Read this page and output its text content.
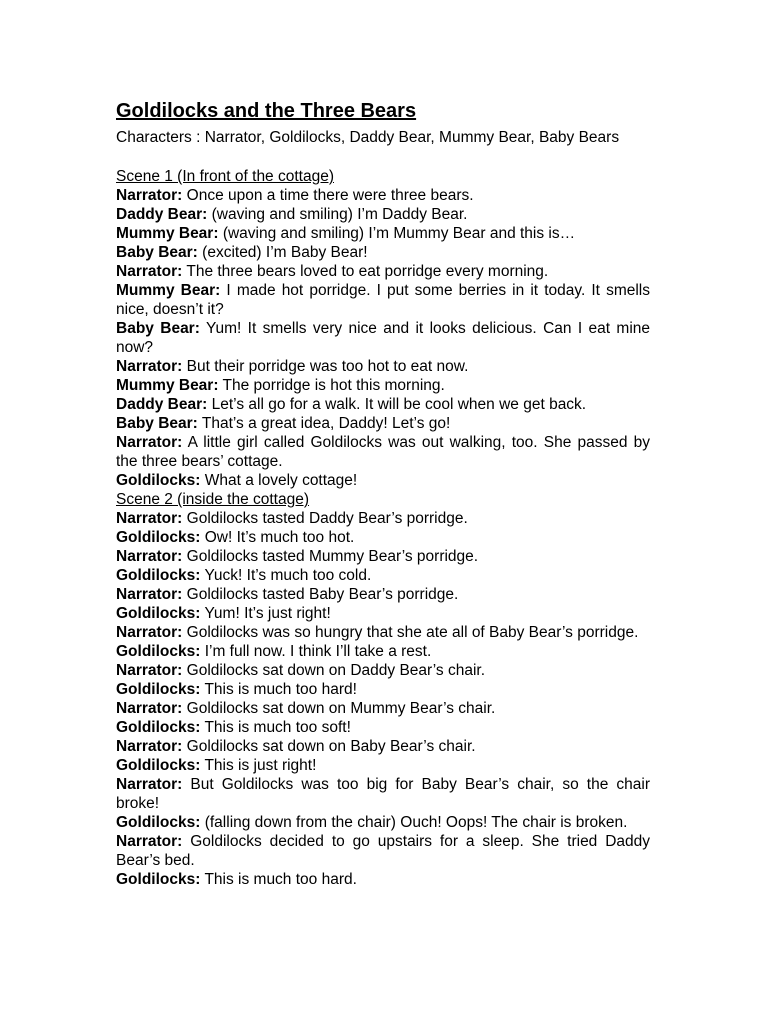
Goldilocks and the Three Bears
Characters : Narrator, Goldilocks, Daddy Bear, Mummy Bear, Baby Bears
Scene 1 (In front of the cottage)
Narrator: Once upon a time there were three bears.
Daddy Bear: (waving and smiling) I’m Daddy Bear.
Mummy Bear: (waving and smiling) I’m Mummy Bear and this is…
Baby Bear: (excited) I’m Baby Bear!
Narrator: The three bears loved to eat porridge every morning.
Mummy Bear: I made hot porridge. I put some berries in it today. It smells nice, doesn’t it?
Baby Bear: Yum! It smells very nice and it looks delicious. Can I eat mine now?
Narrator: But their porridge was too hot to eat now.
Mummy Bear: The porridge is hot this morning.
Daddy Bear: Let’s all go for a walk. It will be cool when we get back.
Baby Bear: That’s a great idea, Daddy! Let’s go!
Narrator: A little girl called Goldilocks was out walking, too. She passed by the three bears’ cottage.
Goldilocks: What a lovely cottage!
Scene 2 (inside the cottage)
Narrator: Goldilocks tasted Daddy Bear’s porridge.
Goldilocks: Ow! It’s much too hot.
Narrator: Goldilocks tasted Mummy Bear’s porridge.
Goldilocks: Yuck! It’s much too cold.
Narrator: Goldilocks tasted Baby Bear’s porridge.
Goldilocks: Yum! It’s just right!
Narrator: Goldilocks was so hungry that she ate all of Baby Bear’s porridge.
Goldilocks: I’m full now. I think I’ll take a rest.
Narrator: Goldilocks sat down on Daddy Bear’s chair.
Goldilocks: This is much too hard!
Narrator: Goldilocks sat down on Mummy Bear’s chair.
Goldilocks: This is much too soft!
Narrator: Goldilocks sat down on Baby Bear’s chair.
Goldilocks: This is just right!
Narrator: But Goldilocks was too big for Baby Bear’s chair, so the chair broke!
Goldilocks: (falling down from the chair) Ouch! Oops! The chair is broken.
Narrator: Goldilocks decided to go upstairs for a sleep. She tried Daddy Bear’s bed.
Goldilocks: This is much too hard.
